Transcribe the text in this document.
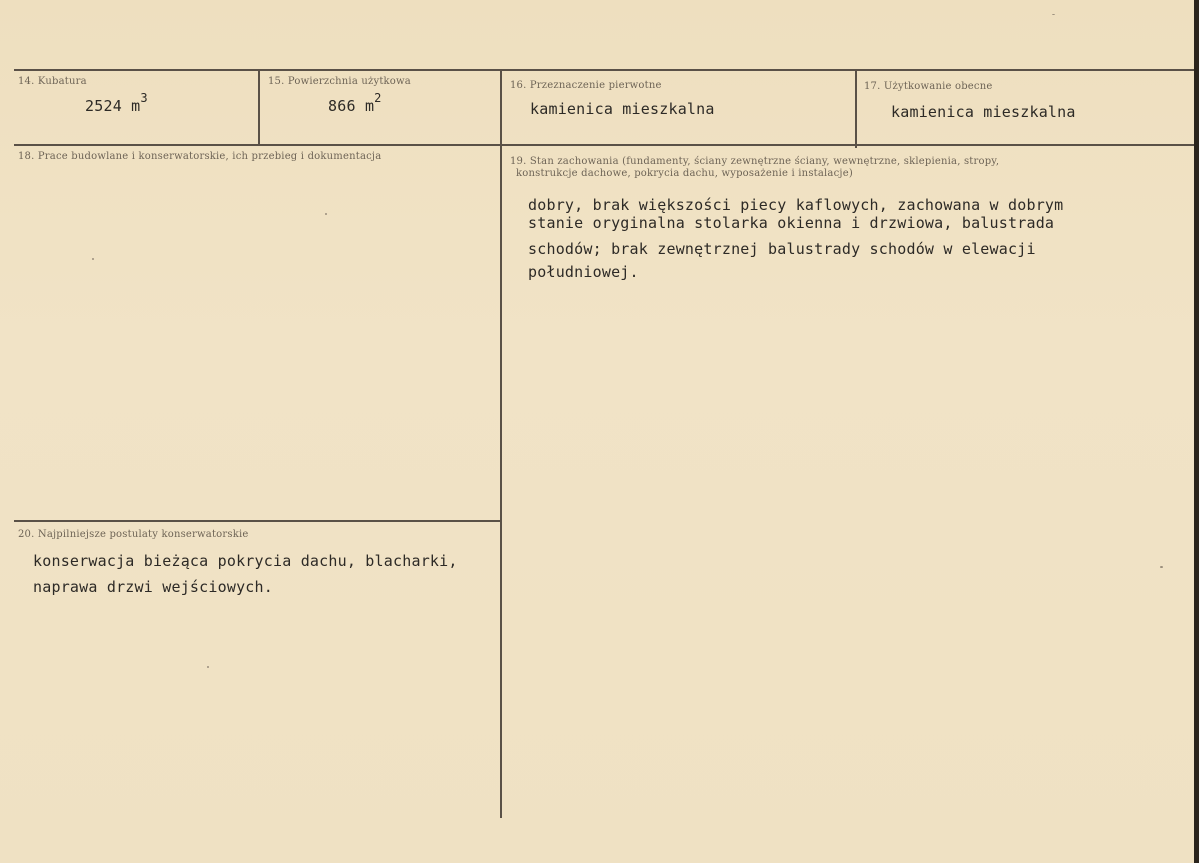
14. Kubatura
2524 $m^3$
15. Powierzchnia użytkowa
866 $m^2$
16. Przeznaczenie pierwotne
kamienica mieszkalna
17. Użytkowanie obecne
kamienica mieszkalna
18. Prace budowlane i konserwatorskie, ich przebieg i dokumentacja	19. Stan zachowania (fundamenty, ściany zewnętrzne ściany, wewnętrzne, sklepienia, stropy,
konstrukcje dachowe, pokrycia dachu, wyposażenie i instalacje)
dobry, brak większości piecy kaflowych, zachowana w dobrym
stanie oryginalna stolarka okienna i drzwiowa, balustrada
schodów; brak zewnętrznej balustrady schodów w elewacji
południowej.
20. Najpilniejsze postulaty konserwatorskie
konserwacja bieżąca pokrycia dachu, blacharki,
naprawa drzwi wejściowych.
